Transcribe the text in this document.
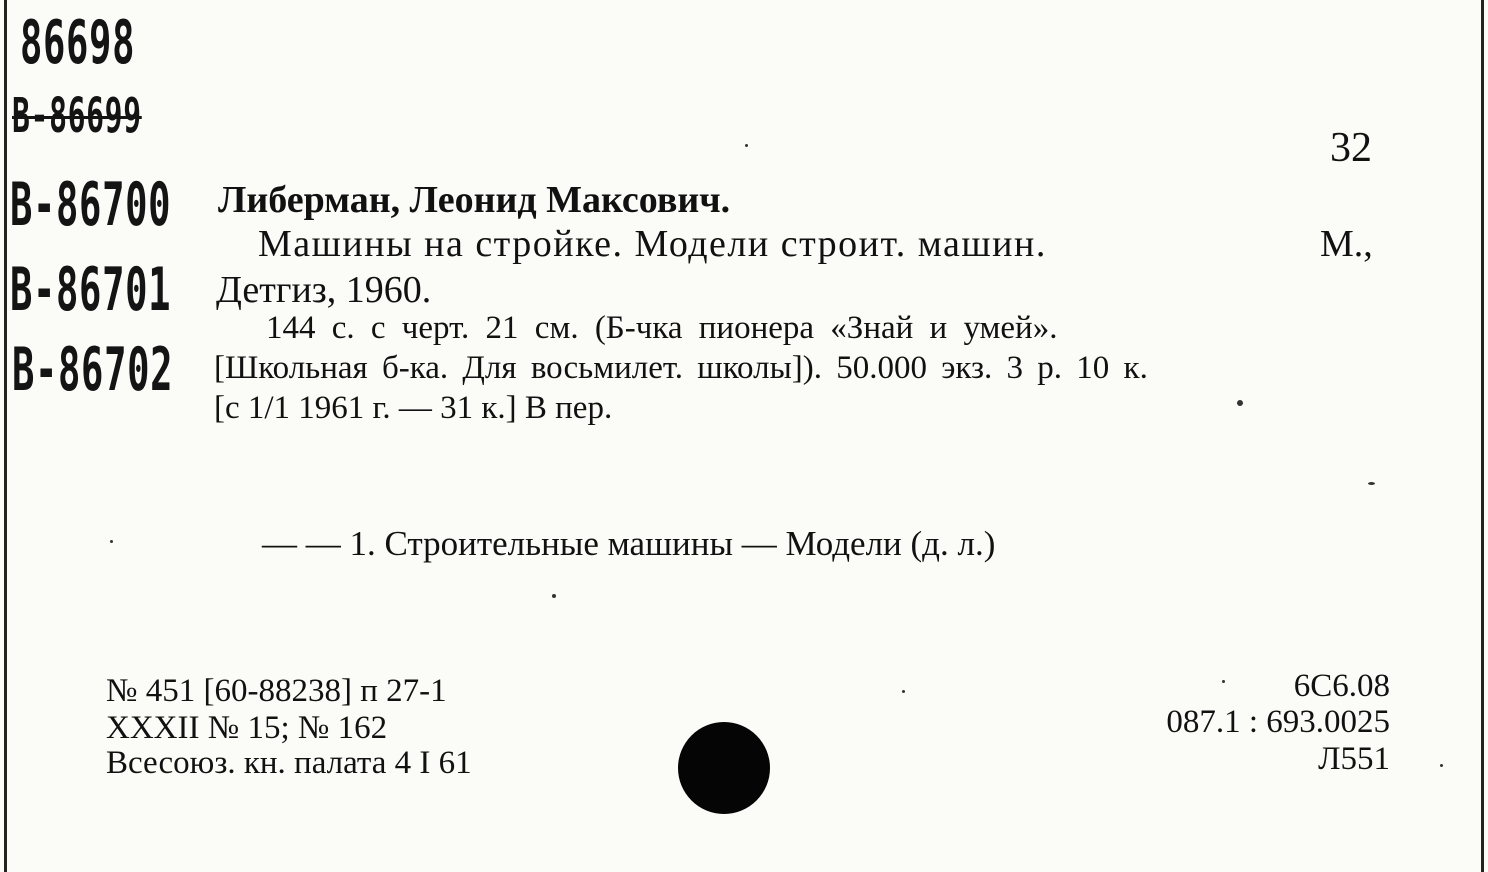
86698
B-86699
B-86700
B-86701
B-86702
32
Либерман, Леонид Максович.
Машины на стройке. Модели строит. машин.	М.,
Детгиз, 1960.
144 с. с черт. 21 см. (Б-чка пионера «Знай и умей».
[Школьная б-ка. Для восьмилет. школы]). 50.000 экз. 3 р. 10 к.
[с 1/1 1961 г. — 31 к.] В пер.
— — 1. Строительные машины — Модели (д. л.)
№ 451 [60-88238] п 27-1
XXXII № 15; № 162
Всесоюз. кн. палата 4 I 61
6С6.08
087.1 : 693.0025
Л551
